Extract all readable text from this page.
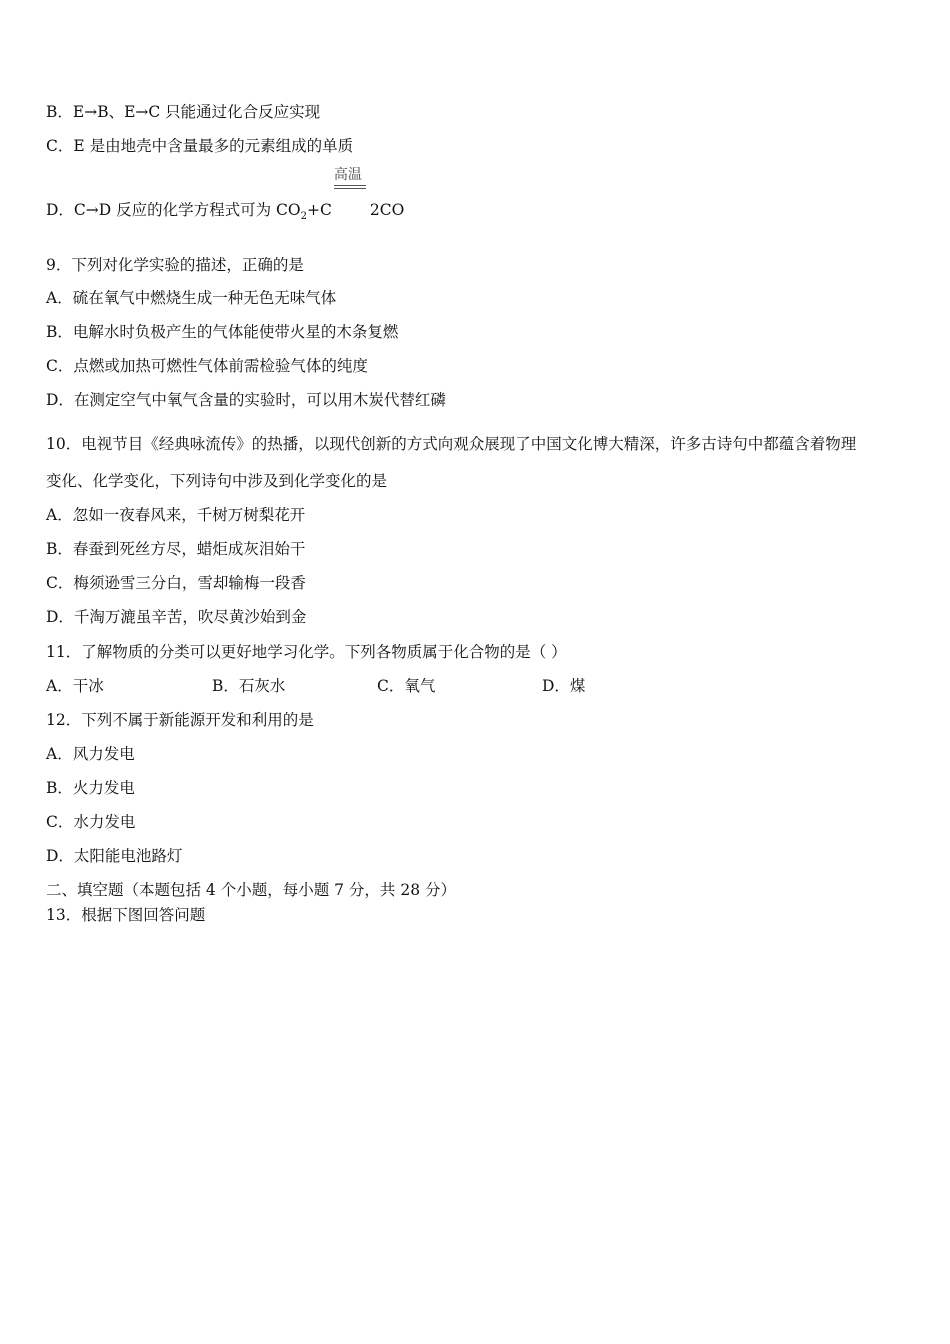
B．E→B、E→C 只能通过化合反应实现
C．E 是由地壳中含量最多的元素组成的单质
D．C→D 反应的化学方程式可为 $CO_2+C$
高温
2CO
9．下列对化学实验的描述，正确的是
A．硫在氧气中燃烧生成一种无色无味气体
B．电解水时负极产生的气体能使带火星的木条复燃
C．点燃或加热可燃性气体前需检验气体的纯度
D．在测定空气中氧气含量的实验时，可以用木炭代替红磷
10．电视节目《经典咏流传》的热播，以现代创新的方式向观众展现了中国文化博大精深，许多古诗句中都蕴含着物理
变化、化学变化，下列诗句中涉及到化学变化的是
A．忽如一夜春风来，千树万树梨花开
B．春蚕到死丝方尽，蜡炬成灰泪始干
C．梅须逊雪三分白，雪却输梅一段香
D．千淘万漉虽辛苦，吹尽黄沙始到金
11．了解物质的分类可以更好地学习化学。下列各物质属于化合物的是（ ）
A．干冰	B．石灰水	C．氧气	D．煤
12．下列不属于新能源开发和利用的是
A．风力发电
B．火力发电
C．水力发电
D．太阳能电池路灯
二、填空题（本题包括 4 个小题，每小题 7 分，共 28 分）
13．根据下图回答问题
